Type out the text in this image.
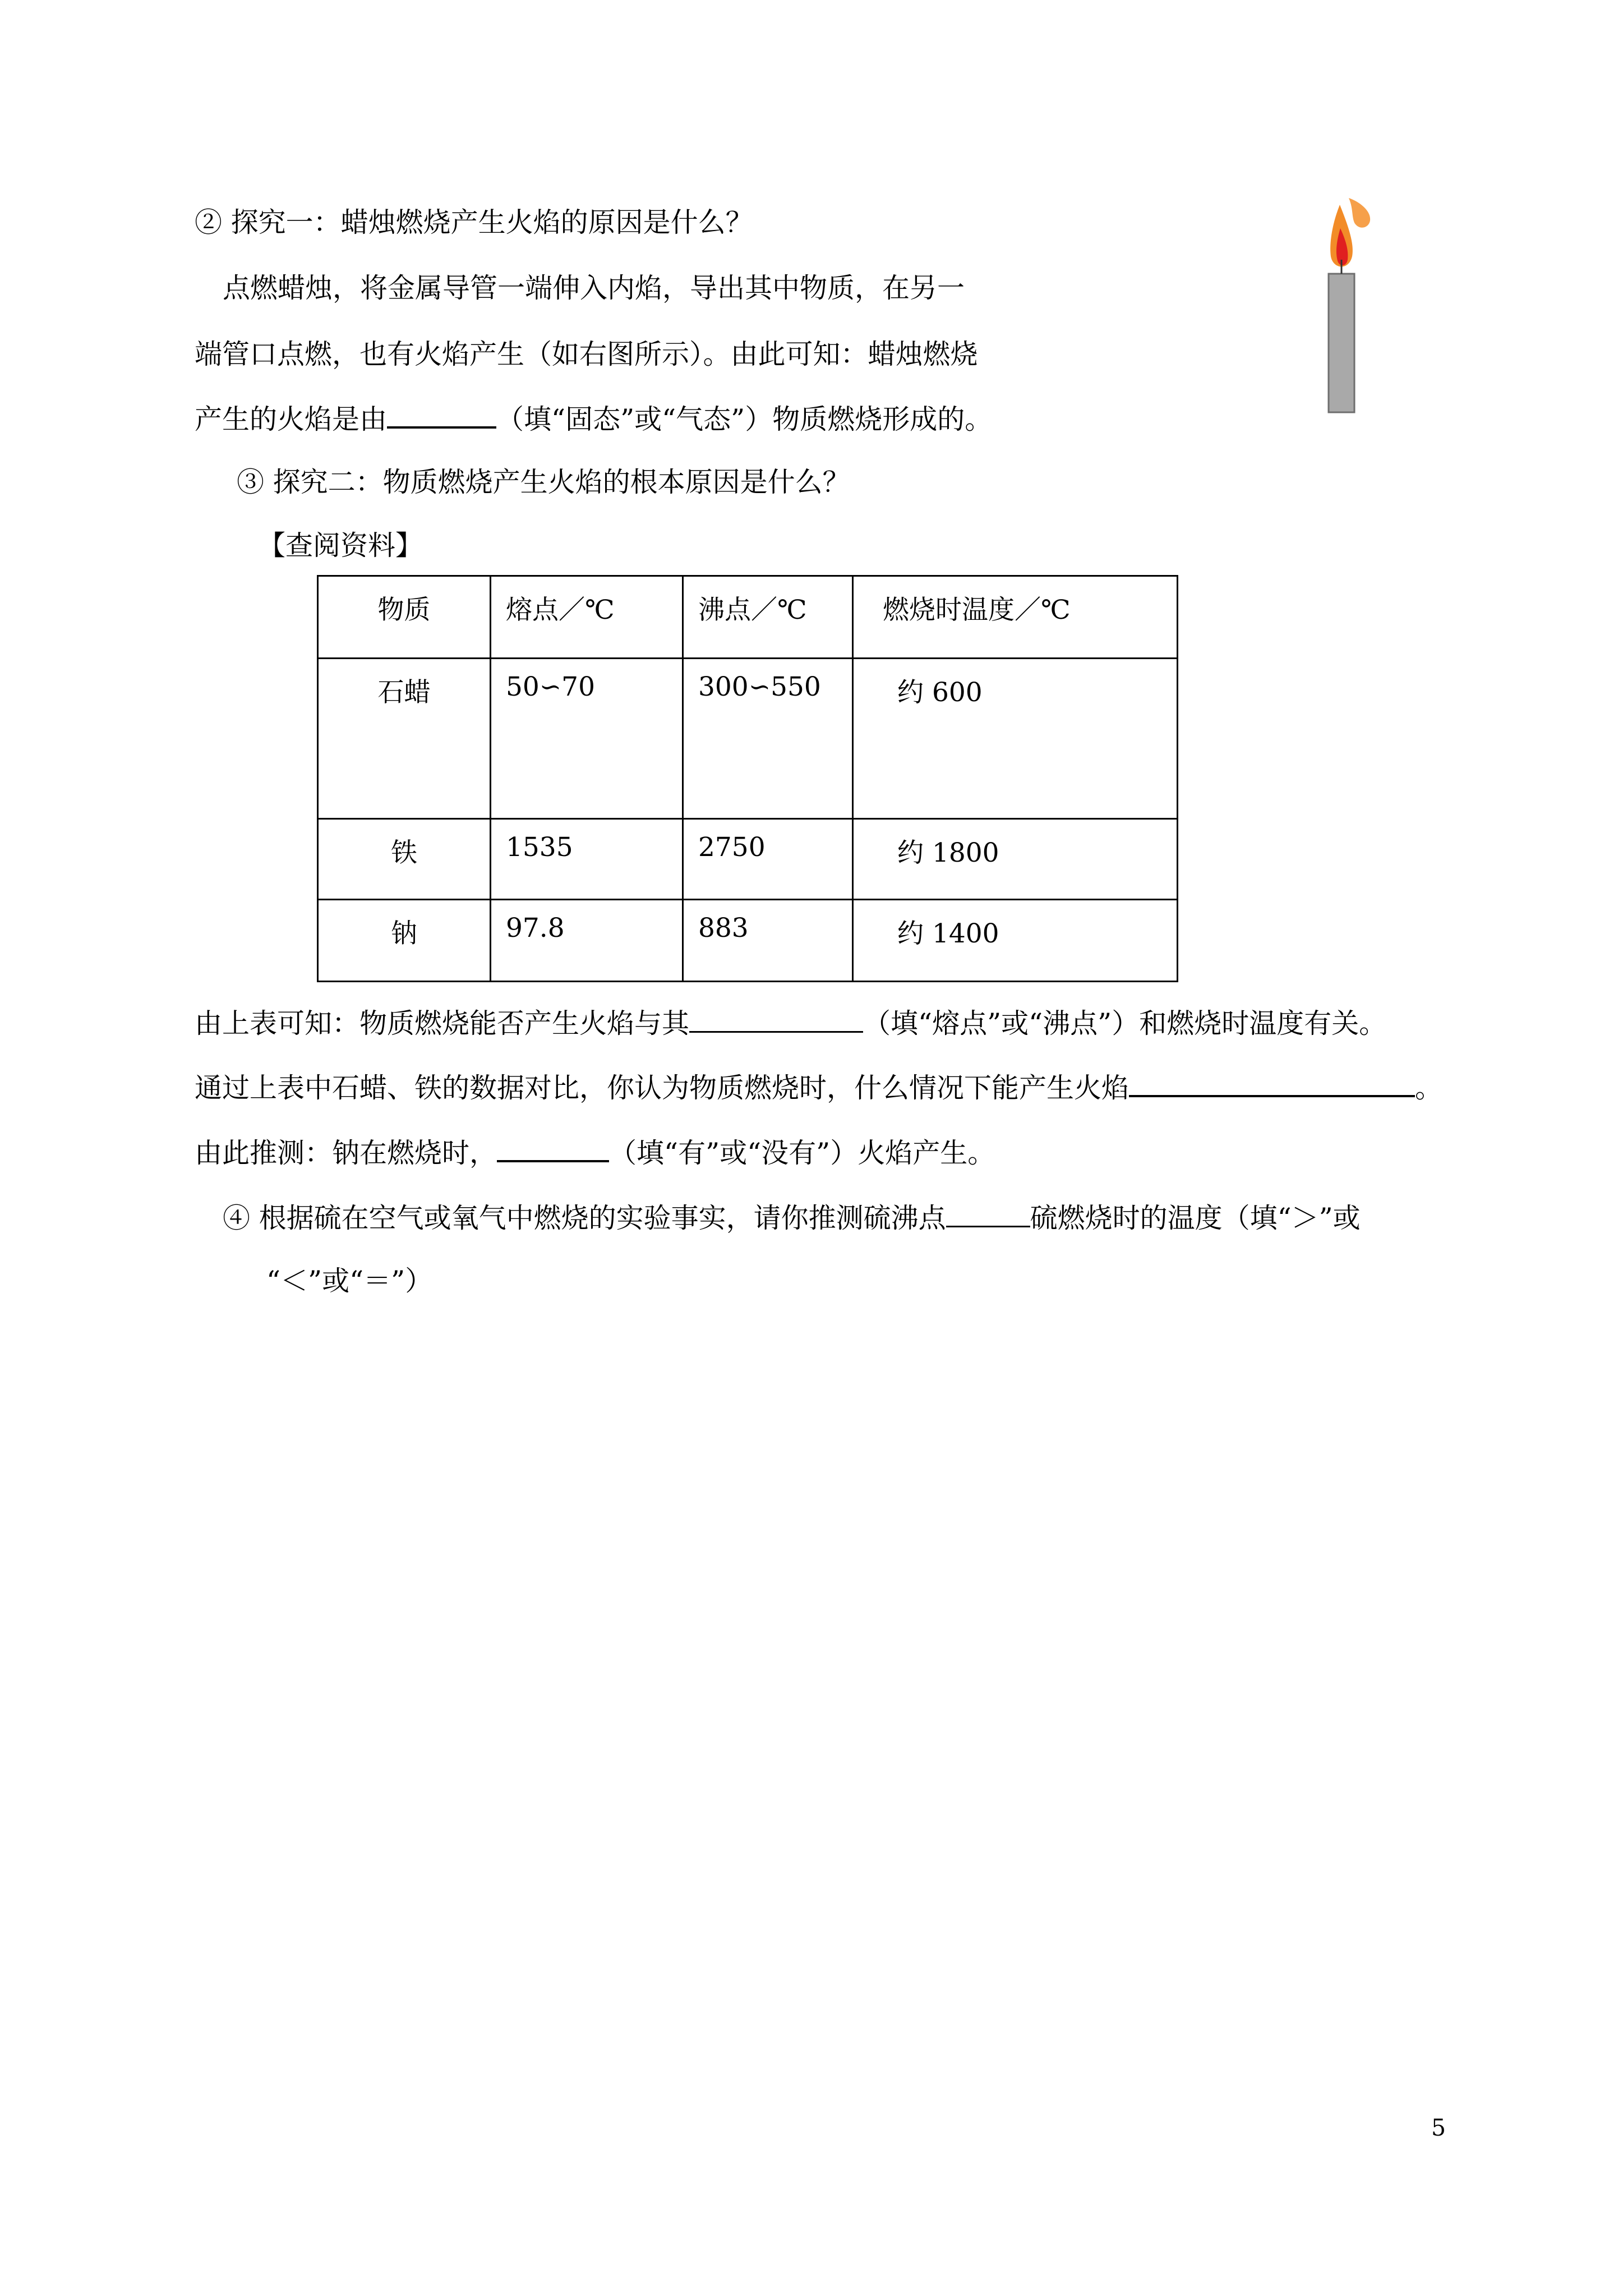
② 探究一：蜡烛燃烧产生火焰的原因是什么？
点燃蜡烛，将金属导管一端伸入内焰，导出其中物质，在另一
端管口点燃，也有火焰产生（如右图所示）。由此可知：蜡烛燃烧
产生的火焰是由	（填“固态”或“气态”）物质燃烧形成的。
③ 探究二：物质燃烧产生火焰的根本原因是什么？
【查阅资料】
物质	熔点／℃	沸点／℃	燃烧时温度／℃
石蜡	50∽70	300∽550	约 600
铁	1535	2750	约 1800
钠	97.8	883	约 1400
由上表可知：物质燃烧能否产生火焰与其	（填“熔点”或“沸点”）和燃烧时温度有关。
通过上表中石蜡、铁的数据对比，你认为物质燃烧时，什么情况下能产生火焰	。
由此推测：钠在燃烧时，	（填“有”或“没有”）火焰产生。
④ 根据硫在空气或氧气中燃烧的实验事实，请你推测硫沸点	硫燃烧时的温度（填“＞”或
“＜”或“＝”）
5
